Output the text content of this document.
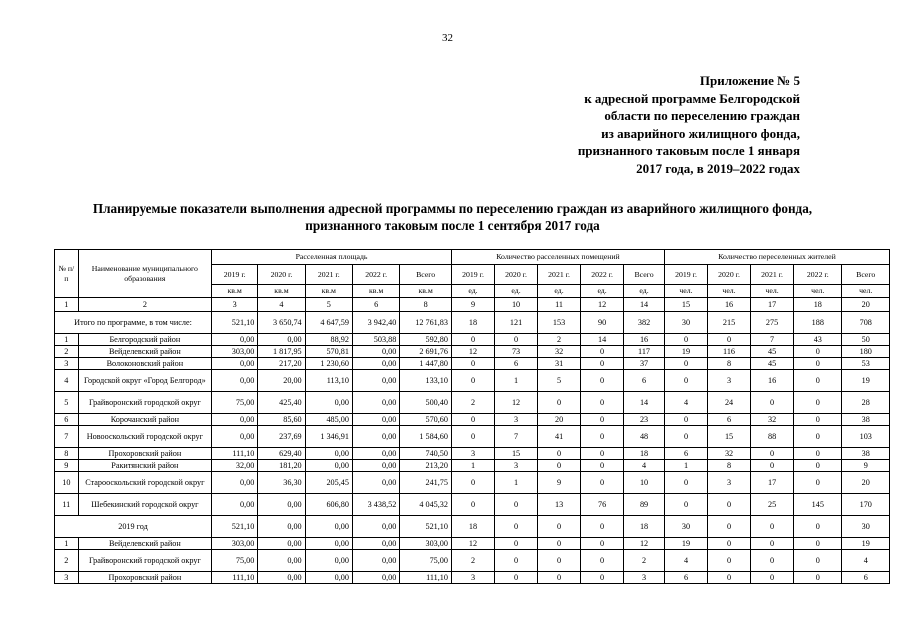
32
Приложение № 5
к адресной программе Белгородской
области по переселению граждан
из аварийного жилищного фонда,
признанного таковым после 1 января
2017 года, в 2019–2022 годах
Планируемые показатели выполнения адресной программы по переселению граждан из аварийного жилищного фонда,
признанного таковым после 1 сентября 2017 года
№ п/п	Наименование муниципального образования	Расселенная площадь					Количество расселенных помещений					Количество переселенных жителей				
		2019 г.	2020 г.	2021 г.	2022 г.	Всего	2019 г.	2020 г.	2021 г.	2022 г.	Всего	2019 г.	2020 г.	2021 г.	2022 г.	Всего
		кв.м	кв.м	кв.м	кв.м	кв.м	ед.	ед.	ед.	ед.	ед.	чел.	чел.	чел.	чел.	чел.
1	2	3	4	5	6	8	9	10	11	12	14	15	16	17	18	20
Итого по программе, в том числе:		521,10	3 650,74	4 647,59	3 942,40	12 761,83	18	121	153	90	382	30	215	275	188	708
1	Белгородский район	0,00	0,00	88,92	503,88	592,80	0	0	2	14	16	0	0	7	43	50
2	Вейделевский район	303,00	1 817,95	570,81	0,00	2 691,76	12	73	32	0	117	19	116	45	0	180
3	Волоконовский район	0,00	217,20	1 230,60	0,00	1 447,80	0	6	31	0	37	0	8	45	0	53
4	Городской округ «Город Белгород»	0,00	20,00	113,10	0,00	133,10	0	1	5	0	6	0	3	16	0	19
5	Грайворонский городской округ	75,00	425,40	0,00	0,00	500,40	2	12	0	0	14	4	24	0	0	28
6	Корочанский район	0,00	85,60	485,00	0,00	570,60	0	3	20	0	23	0	6	32	0	38
7	Новооскольский городской округ	0,00	237,69	1 346,91	0,00	1 584,60	0	7	41	0	48	0	15	88	0	103
8	Прохоровский район	111,10	629,40	0,00	0,00	740,50	3	15	0	0	18	6	32	0	0	38
9	Ракитянский район	32,00	181,20	0,00	0,00	213,20	1	3	0	0	4	1	8	0	0	9
10	Старооскольский городской округ	0,00	36,30	205,45	0,00	241,75	0	1	9	0	10	0	3	17	0	20
11	Шебекинский городской округ	0,00	0,00	606,80	3 438,52	4 045,32	0	0	13	76	89	0	0	25	145	170
2019 год		521,10	0,00	0,00	0,00	521,10	18	0	0	0	18	30	0	0	0	30
1	Вейделевский район	303,00	0,00	0,00	0,00	303,00	12	0	0	0	12	19	0	0	0	19
2	Грайворонский городской округ	75,00	0,00	0,00	0,00	75,00	2	0	0	0	2	4	0	0	0	4
3	Прохоровский район	111,10	0,00	0,00	0,00	111,10	3	0	0	0	3	6	0	0	0	6
